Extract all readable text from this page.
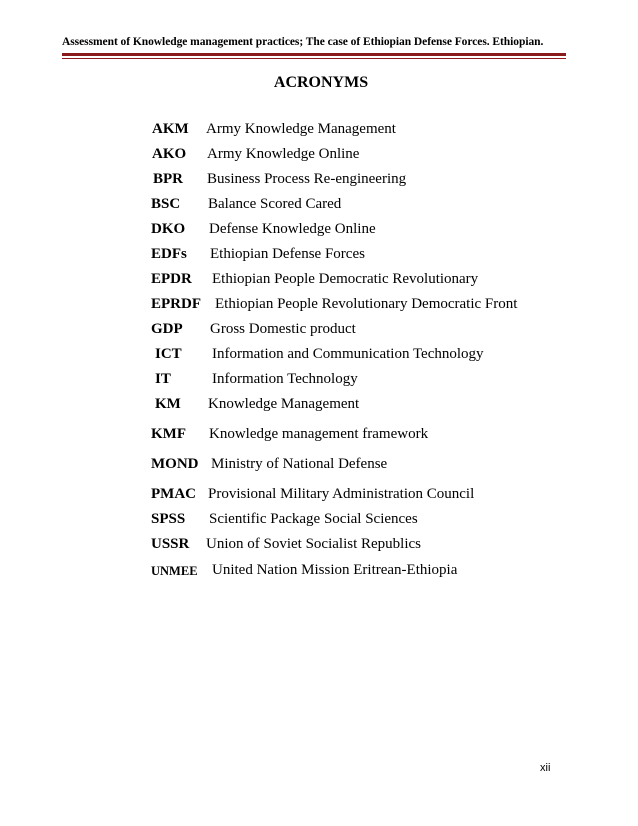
Assessment of Knowledge management practices; The case of Ethiopian Defense Forces. Ethiopian.
ACRONYMS
AKM Army Knowledge Management
AKO Army Knowledge Online
BPR Business Process Re-engineering
BSC Balance Scored Cared
DKO Defense Knowledge Online
EDFs Ethiopian Defense Forces
EPDR Ethiopian People Democratic Revolutionary
EPRDF Ethiopian People Revolutionary Democratic Front
GDP Gross Domestic product
ICT Information and Communication Technology
IT	Information Technology
KM Knowledge Management
KMF Knowledge management framework
MOND Ministry of National Defense
PMAC Provisional Military Administration Council
SPSS Scientific Package Social Sciences
USSR Union of Soviet Socialist Republics
UNMEE United Nation Mission Eritrean-Ethiopia
xii
